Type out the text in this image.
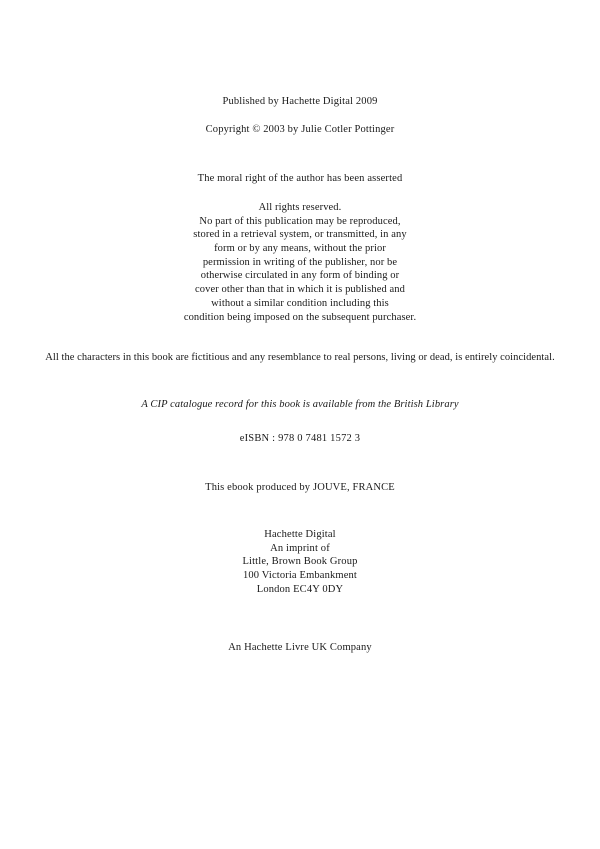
Published by Hachette Digital 2009
Copyright © 2003 by Julie Cotler Pottinger
The moral right of the author has been asserted
All rights reserved.
No part of this publication may be reproduced,
stored in a retrieval system, or transmitted, in any
form or by any means, without the prior
permission in writing of the publisher, nor be
otherwise circulated in any form of binding or
cover other than that in which it is published and
without a similar condition including this
condition being imposed on the subsequent purchaser.
All the characters in this book are fictitious and any resemblance to real persons, living or dead, is entirely coincidental.
A CIP catalogue record for this book is available from the British Library
eISBN : 978 0 7481 1572 3
This ebook produced by JOUVE, FRANCE
Hachette Digital
An imprint of
Little, Brown Book Group
100 Victoria Embankment
London EC4Y 0DY
An Hachette Livre UK Company
